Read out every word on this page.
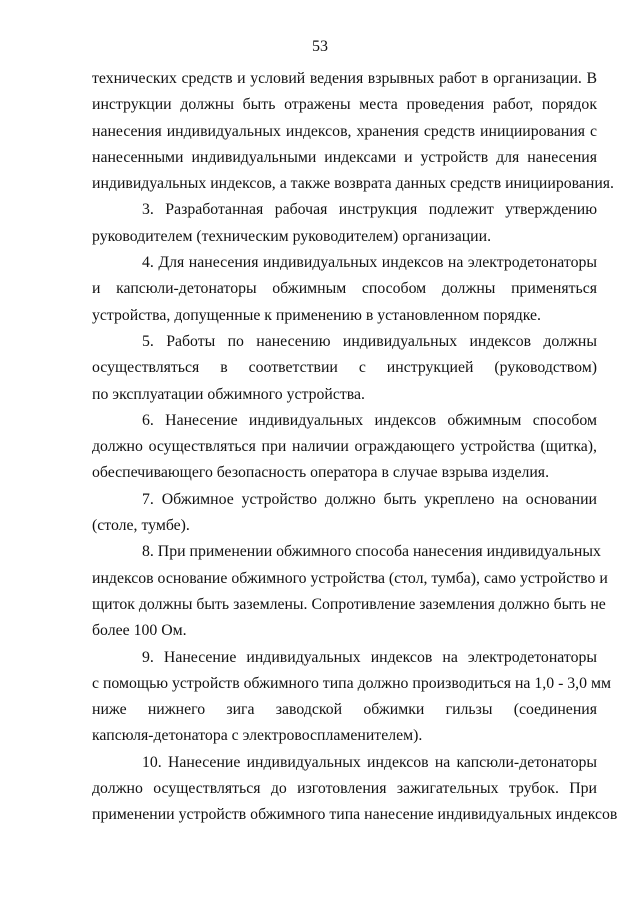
53
технических средств и условий ведения взрывных работ в организации. В
инструкции должны быть отражены места проведения работ, порядок
нанесения индивидуальных индексов, хранения средств инициирования с
нанесенными индивидуальными индексами и устройств для нанесения
индивидуальных индексов, а также возврата данных средств инициирования.
3. Разработанная рабочая инструкция подлежит утверждению
руководителем (техническим руководителем) организации.
4. Для нанесения индивидуальных индексов на электродетонаторы
и капсюли-детонаторы обжимным способом должны применяться
устройства, допущенные к применению в установленном порядке.
5. Работы по нанесению индивидуальных индексов должны
осуществляться в соответствии с инструкцией (руководством)
по эксплуатации обжимного устройства.
6. Нанесение индивидуальных индексов обжимным способом
должно осуществляться при наличии ограждающего устройства (щитка),
обеспечивающего безопасность оператора в случае взрыва изделия.
7. Обжимное устройство должно быть укреплено на основании
(столе, тумбе).
8. При применении обжимного способа нанесения индивидуальных
индексов основание обжимного устройства (стол, тумба), само устройство и
щиток должны быть заземлены. Сопротивление заземления должно быть не
более 100 Ом.
9. Нанесение индивидуальных индексов на электродетонаторы
с помощью устройств обжимного типа должно производиться на 1,0 - 3,0 мм
ниже нижнего зига заводской обжимки гильзы (соединения
капсюля-детонатора с электровоспламенителем).
10. Нанесение индивидуальных индексов на капсюли-детонаторы
должно осуществляться до изготовления зажигательных трубок. При
применении устройств обжимного типа нанесение индивидуальных индексов
